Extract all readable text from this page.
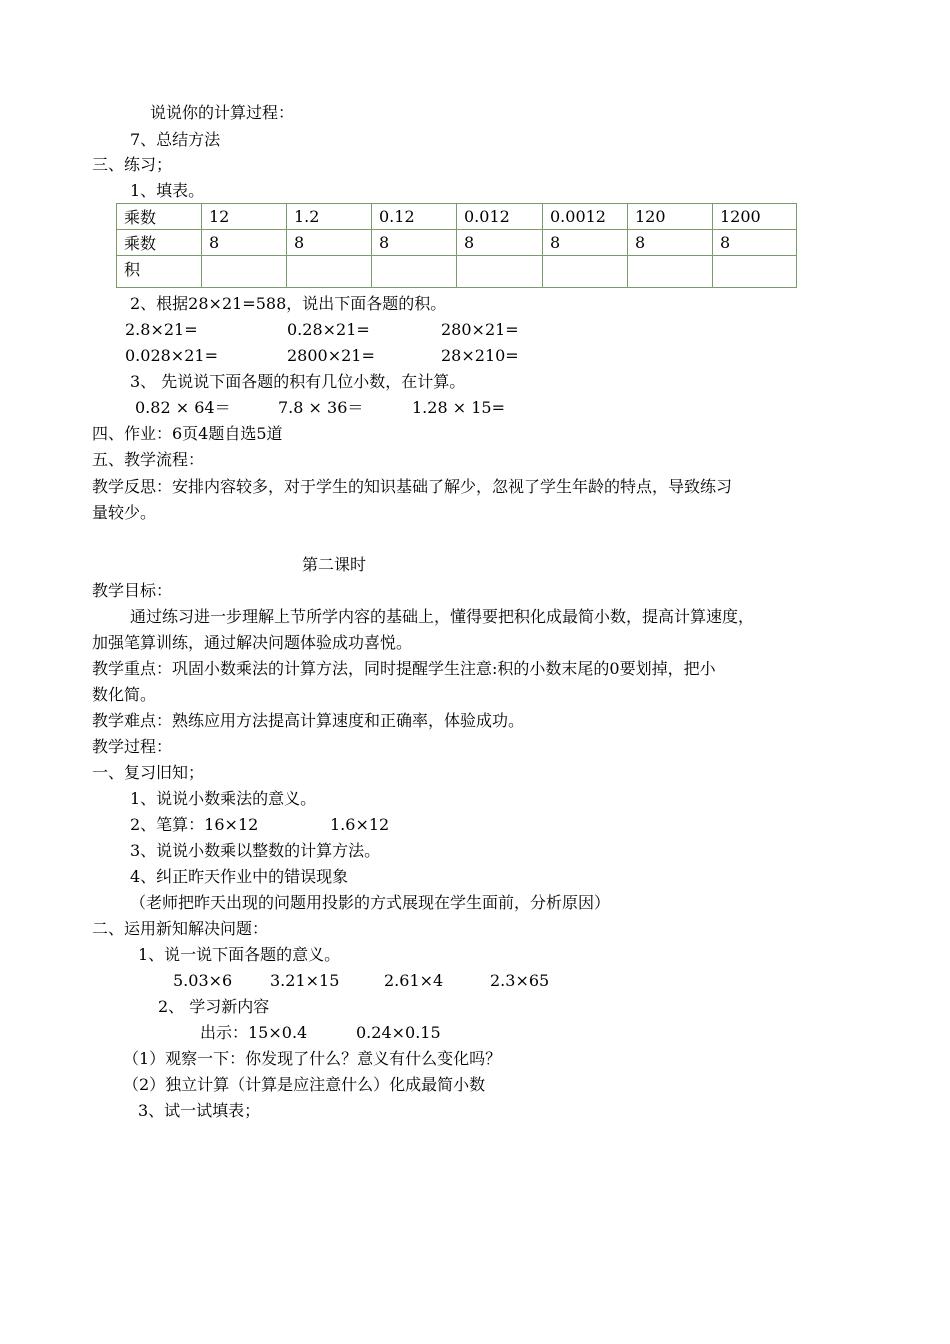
说说你的计算过程：
7、总结方法
三、练习；
1、填表。
乘数	12	1.2	0.12	0.012	0.0012	120	1200
乘数	8	8	8	8	8	8	8
积							
2、根据28×21=588，说出下面各题的积。
2.8×21=	0.28×21=	280×21=
0.028×21=	2800×21=	28×210=
3、 先说说下面各题的积有几位小数，在计算。
0.82 × 64＝	7.8 × 36＝	1.28 × 15=
四、作业：6页4题自选5道
五、教学流程：
教学反思：安排内容较多，对于学生的知识基础了解少，忽视了学生年龄的特点，导致练习
量较少。
第二课时
教学目标：
通过练习进一步理解上节所学内容的基础上，懂得要把积化成最简小数，提高计算速度，
加强笔算训练，通过解决问题体验成功喜悦。
教学重点：巩固小数乘法的计算方法，同时提醒学生注意:积的小数末尾的0要划掉，把小
数化简。
教学难点：熟练应用方法提高计算速度和正确率，体验成功。
教学过程：
一、复习旧知；
1、说说小数乘法的意义。
2、笔算：16×12	1.6×12
3、说说小数乘以整数的计算方法。
4、纠正昨天作业中的错误现象
（老师把昨天出现的问题用投影的方式展现在学生面前，分析原因）
二、运用新知解决问题：
1、说一说下面各题的意义。
5.03×6 3.21×15	2.61×4	2.3×65
2、 学习新内容
出示：15×0.4	0.24×0.15
（1）观察一下：你发现了什么？意义有什么变化吗？
（2）独立计算（计算是应注意什么）化成最简小数
3、试一试填表；
